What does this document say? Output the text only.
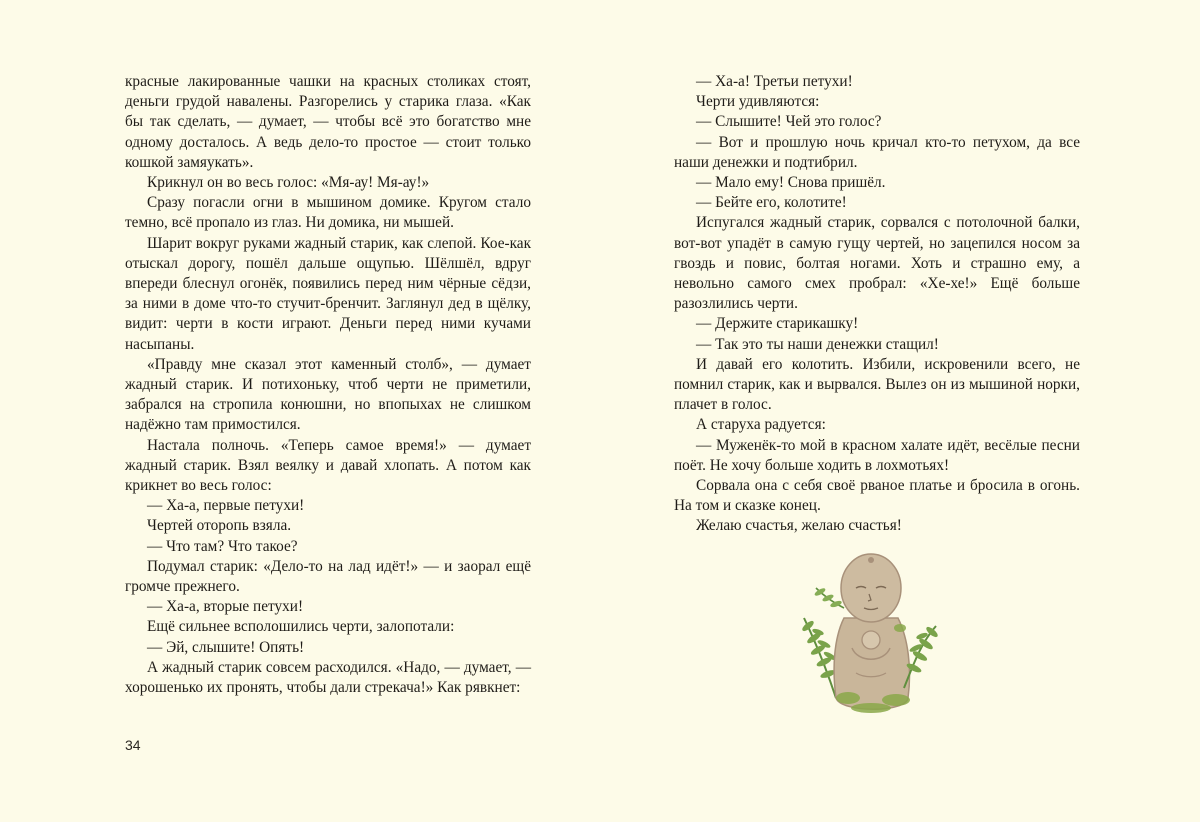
красные лакированные чашки на красных столиках стоят, деньги грудой навалены. Разгорелись у старика глаза. «Как бы так сделать, — думает, — чтобы всё это богатство мне одному досталось. А ведь дело-то простое — стоит только кошкой замяукать».

Крикнул он во весь голос: «Мя-ау! Мя-ау!»

Сразу погасли огни в мышином домике. Кругом стало темно, всё пропало из глаз. Ни домика, ни мышей.

Шарит вокруг руками жадный старик, как слепой. Кое-как отыскал дорогу, пошёл дальше ощупью. Шёлшёл, вдруг впереди блеснул огонёк, появились перед ним чёрные сёдзи, за ними в доме что-то стучит-бренчит. Заглянул дед в щёлку, видит: черти в кости играют. Деньги перед ними кучами насыпаны.

«Правду мне сказал этот каменный столб», — думает жадный старик. И потихоньку, чтоб черти не приметили, забрался на стропила конюшни, но впопыхах не слишком надёжно там примостился.

Настала полночь. «Теперь самое время!» — думает жадный старик. Взял веялку и давай хлопать. А потом как крикнет во весь голос:

— Ха-а, первые петухи!

Чертей оторопь взяла.

— Что там? Что такое?

Подумал старик: «Дело-то на лад идёт!» — и заорал ещё громче прежнего.

— Ха-а, вторые петухи!

Ещё сильнее всполошились черти, залопотали:

— Эй, слышите! Опять!

А жадный старик совсем расходился. «Надо, — думает, — хорошенько их пронять, чтобы дали стрекача!» Как рявкнет:

34

— Ха-а! Третьи петухи!

Черти удивляются:

— Слышите! Чей это голос?

— Вот и прошлую ночь кричал кто-то петухом, да все наши денежки и подтибрил.

— Мало ему! Снова пришёл.

— Бейте его, колотите!

Испугался жадный старик, сорвался с потолочной балки, вот-вот упадёт в самую гущу чертей, но зацепился носом за гвоздь и повис, болтая ногами. Хоть и страшно ему, а невольно самого смех пробрал: «Хе-хе!» Ещё больше разозлились черти.

— Держите старикашку!

— Так это ты наши денежки стащил!

И давай его колотить. Избили, искровенили всего, не помнил старик, как и вырвался. Вылез он из мышиной норки, плачет в голос.

А старуха радуется:

— Муженёк-то мой в красном халате идёт, весёлые песни поёт. Не хочу больше ходить в лохмотьях!

Сорвала она с себя своё рваное платье и бросила в огонь. На том и сказке конец.

Желаю счастья, желаю счастья!
